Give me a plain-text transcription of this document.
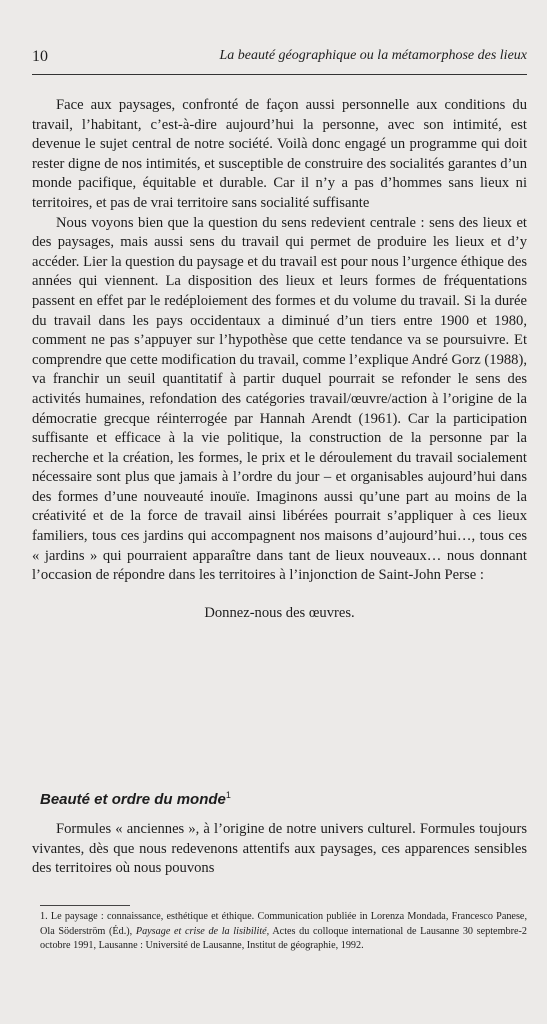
10	La beauté géographique ou la métamorphose des lieux

Face aux paysages, confronté de façon aussi personnelle aux conditions du travail, l’habitant, c’est-à-dire aujourd’hui la personne, avec son intimité, est devenue le sujet central de notre société. Voilà donc engagé un programme qui doit rester digne de nos intimités, et susceptible de construire des socialités garantes d’un monde pacifique, équitable et durable. Car il n’y a pas d’hommes sans lieux ni territoires, et pas de vrai territoire sans socialité suffisante

Nous voyons bien que la question du sens redevient centrale : sens des lieux et des paysages, mais aussi sens du travail qui permet de produire les lieux et d’y accéder. Lier la question du paysage et du travail est pour nous l’urgence éthique des années qui viennent. La disposition des lieux et leurs formes de fréquentations passent en effet par le redéploiement des formes et du volume du travail. Si la durée du travail dans les pays occidentaux a diminué d’un tiers entre 1900 et 1980, comment ne pas s’appuyer sur l’hypothèse que cette tendance va se poursuivre. Et comprendre que cette modification du travail, comme l’explique André Gorz (1988), va franchir un seuil quantitatif à partir duquel pourrait se refonder le sens des activités humaines, refondation des catégories travail/œuvre/action à l’origine de la démocratie grecque réinterrogée par Hannah Arendt (1961). Car la participation suffisante et efficace à la vie politique, la construction de la personne par la recherche et la création, les formes, le prix et le déroulement du travail socialement nécessaire sont plus que jamais à l’ordre du jour – et organisables aujourd’hui dans des formes d’une nouveauté inouïe. Imaginons aussi qu’une part au moins de la créativité et de la force de travail ainsi libérées pourrait s’appliquer à ces lieux familiers, tous ces jardins qui accompagnent nos maisons d’aujourd’hui…, tous ces « jardins » qui pourraient apparaître dans tant de lieux nouveaux… nous donnant l’occasion de répondre dans les territoires à l’injonction de Saint-John Perse :

Donnez-nous des œuvres.

Beauté et ordre du monde$^1$

Formules « anciennes », à l’origine de notre univers culturel. Formules toujours vivantes, dès que nous redevenons attentifs aux paysages, ces apparences sensibles des territoires où nous pouvons

1. Le paysage : connaissance, esthétique et éthique. Communication publiée in Lorenza Mondada, Francesco Panese, Ola Söderström (Éd.), Paysage et crise de la lisibilité, Actes du colloque international de Lausanne 30 septembre-2 octobre 1991, Lausanne : Université de Lausanne, Institut de géographie, 1992.
